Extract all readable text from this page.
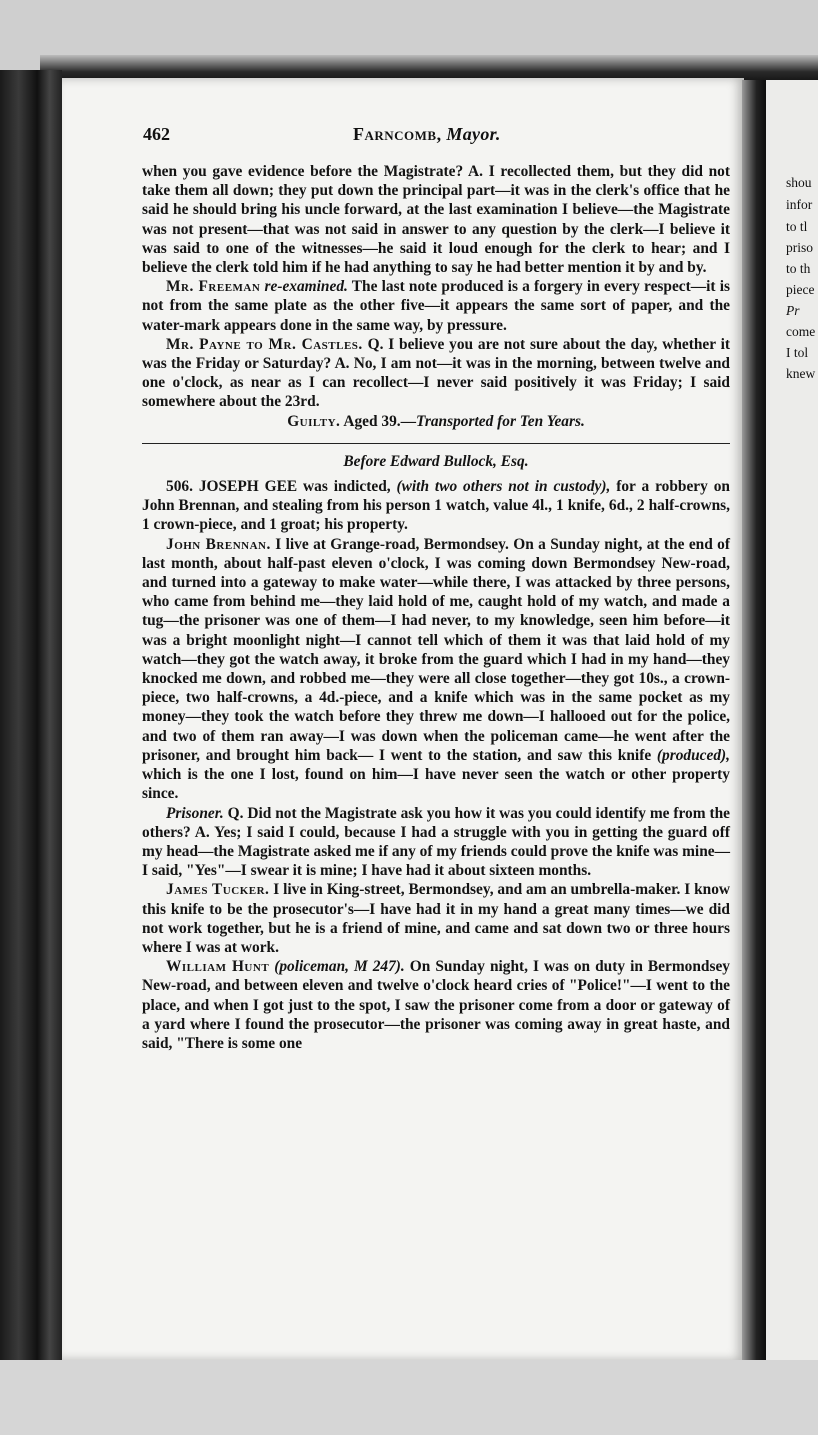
shou
infor
to tl
priso
to th
piece
Pr
come
I tol
knew
462	Farncomb, Mayor.

when you gave evidence before the Magistrate? A. I recollected them, but they did not take them all down; they put down the principal part—it was in the clerk's office that he said he should bring his uncle forward, at the last examination I believe—the Magistrate was not present—that was not said in answer to any question by the clerk—I believe it was said to one of the witnesses—he said it loud enough for the clerk to hear; and I believe the clerk told him if he had anything to say he had better mention it by and by.

Mr. Freeman re-examined. The last note produced is a forgery in every respect—it is not from the same plate as the other five—it appears the same sort of paper, and the water-mark appears done in the same way, by pressure.

Mr. Payne to Mr. Castles. Q. I believe you are not sure about the day, whether it was the Friday or Saturday? A. No, I am not—it was in the morning, between twelve and one o'clock, as near as I can recollect—I never said positively it was Friday; I said somewhere about the 23rd.

Guilty. Aged 39.—Transported for Ten Years.

Before Edward Bullock, Esq.

506. JOSEPH GEE was indicted, (with two others not in custody), for a robbery on John Brennan, and stealing from his person 1 watch, value 4l., 1 knife, 6d., 2 half-crowns, 1 crown-piece, and 1 groat; his property.

John Brennan. I live at Grange-road, Bermondsey. On a Sunday night, at the end of last month, about half-past eleven o'clock, I was coming down Bermondsey New-road, and turned into a gateway to make water—while there, I was attacked by three persons, who came from behind me—they laid hold of me, caught hold of my watch, and made a tug—the prisoner was one of them—I had never, to my knowledge, seen him before—it was a bright moonlight night—I cannot tell which of them it was that laid hold of my watch—they got the watch away, it broke from the guard which I had in my hand—they knocked me down, and robbed me—they were all close together—they got 10s., a crown-piece, two half-crowns, a 4d.-piece, and a knife which was in the same pocket as my money—they took the watch before they threw me down—I hallooed out for the police, and two of them ran away—I was down when the policeman came—he went after the prisoner, and brought him back— I went to the station, and saw this knife (produced), which is the one I lost, found on him—I have never seen the watch or other property since.

Prisoner. Q. Did not the Magistrate ask you how it was you could identify me from the others? A. Yes; I said I could, because I had a struggle with you in getting the guard off my head—the Magistrate asked me if any of my friends could prove the knife was mine—I said, "Yes"—I swear it is mine; I have had it about sixteen months.

James Tucker. I live in King-street, Bermondsey, and am an umbrella-maker. I know this knife to be the prosecutor's—I have had it in my hand a great many times—we did not work together, but he is a friend of mine, and came and sat down two or three hours where I was at work.

William Hunt (policeman, M 247). On Sunday night, I was on duty in Bermondsey New-road, and between eleven and twelve o'clock heard cries of "Police!"—I went to the place, and when I got just to the spot, I saw the prisoner come from a door or gateway of a yard where I found the prosecutor—the prisoner was coming away in great haste, and said, "There is some one
